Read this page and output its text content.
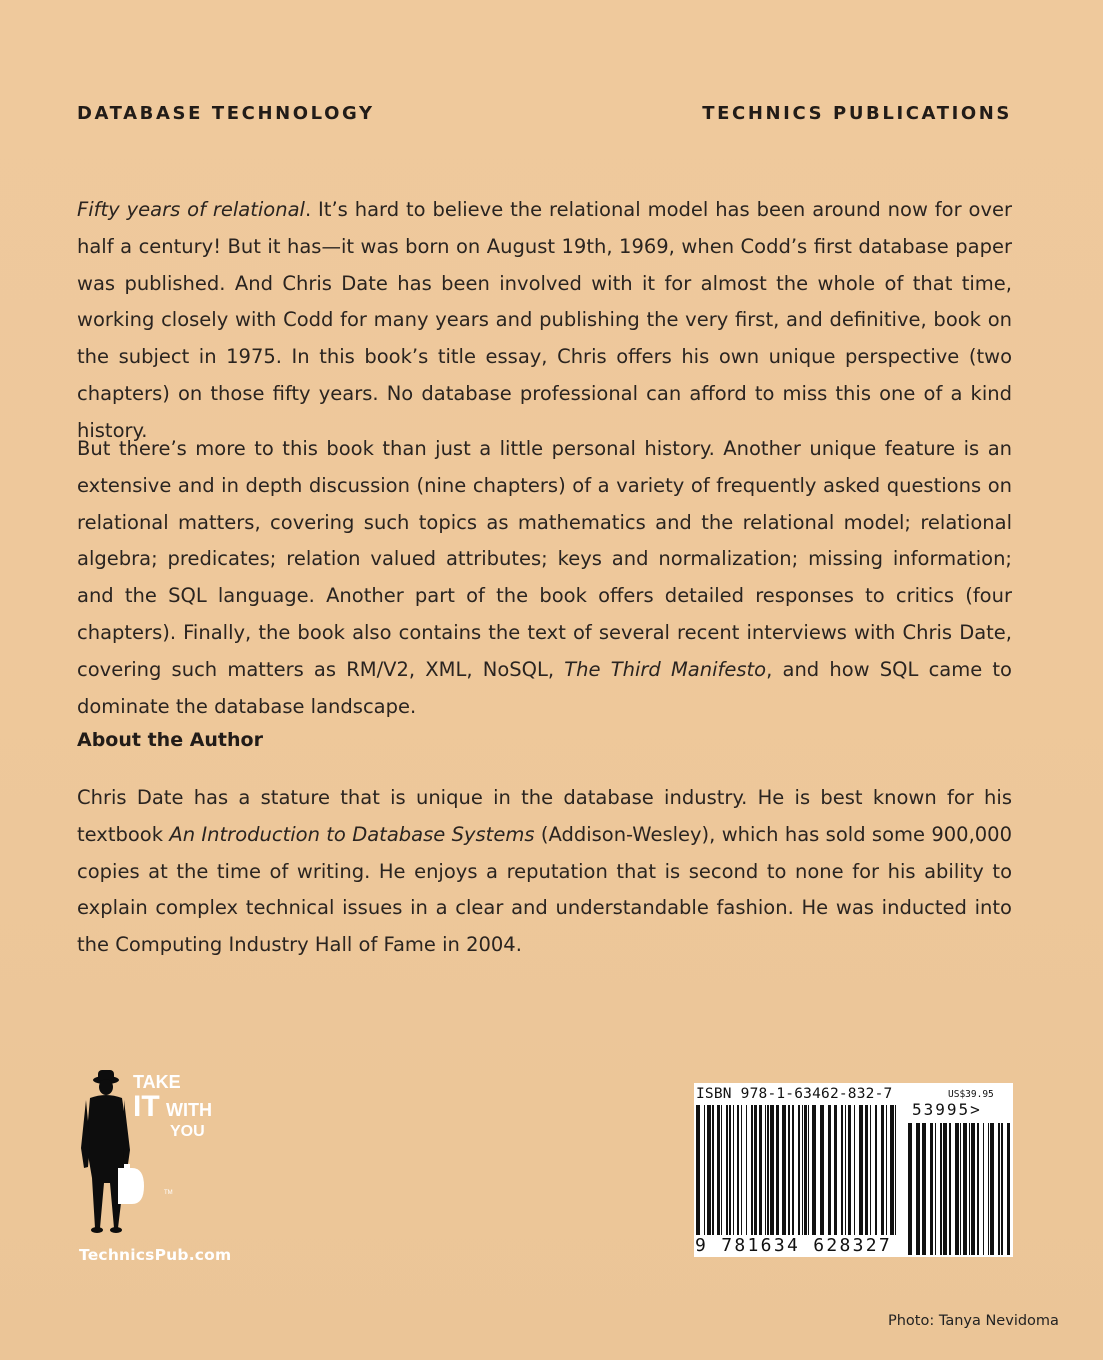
DATABASE TECHNOLOGY	TECHNICS PUBLICATIONS

Fifty years of relational. It’s hard to believe the relational model has been around now for over half a century! But it has—it was born on August 19th, 1969, when Codd’s first database paper was published. And Chris Date has been involved with it for almost the whole of that time, working closely with Codd for many years and publishing the very first, and definitive, book on the subject in 1975. In this book’s title essay, Chris offers his own unique perspective (two chapters) on those fifty years. No database professional can afford to miss this one of a kind history.

But there’s more to this book than just a little personal history. Another unique feature is an extensive and in depth discussion (nine chapters) of a variety of frequently asked questions on relational matters, covering such topics as mathematics and the relational model; relational algebra; predicates; relation valued attributes; keys and normalization; missing information; and the SQL language. Another part of the book offers detailed responses to critics (four chapters). Finally, the book also contains the text of several recent interviews with Chris Date, covering such matters as RM/V2, XML, NoSQL, The Third Manifesto, and how SQL came to dominate the database landscape.

About the Author

Chris Date has a stature that is unique in the database industry. He is best known for his textbook An Introduction to Database Systems (Addison-Wesley), which has sold some 900,000 copies at the time of writing. He enjoys a reputation that is second to none for his ability to explain complex technical issues in a clear and understandable fashion. He was inducted into the Computing Industry Hall of Fame in 2004.

TAKE
IT WITH
YOU
TM
TechnicsPub.com
ISBN 978-1-63462-832-7	US$39.95
53995>
9 781634 628327
Photo: Tanya Nevidoma
